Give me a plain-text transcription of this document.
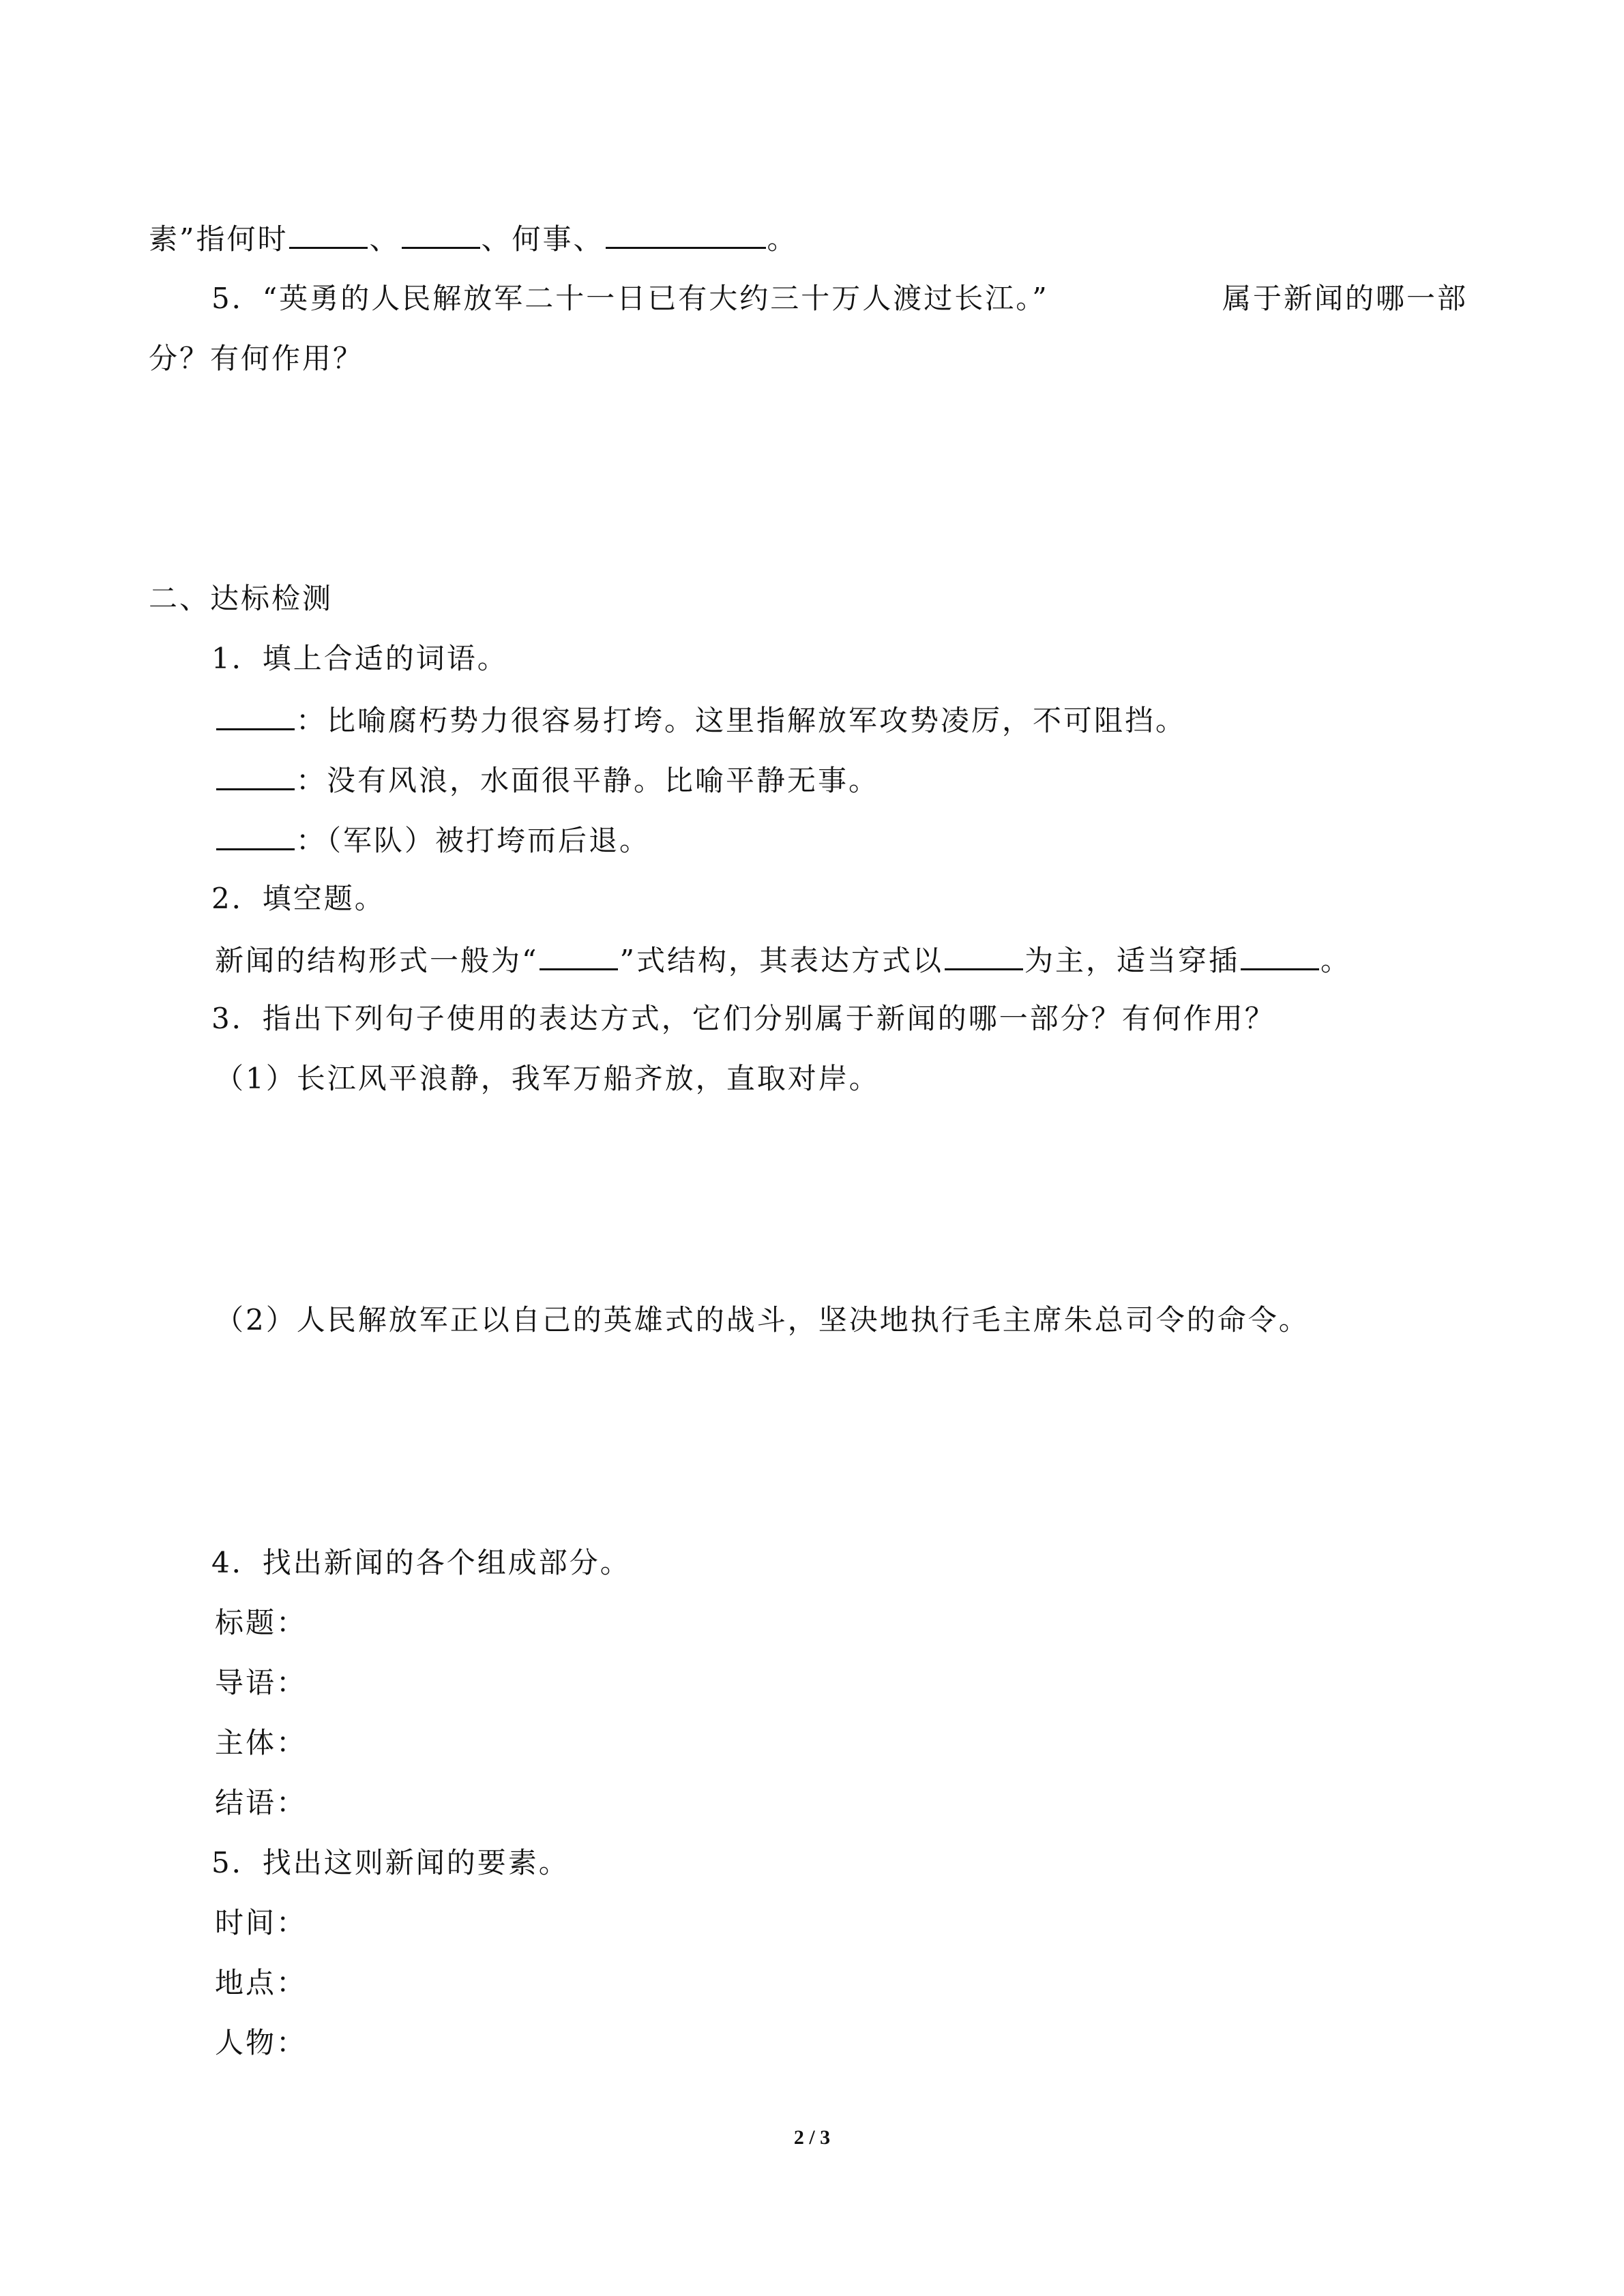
素”指何时	、	、何事、	。
5．“英勇的人民解放军二十一日已有大约三十万人渡过长江。”	属于新闻的哪一部
分？有何作用？
二、达标检测
1．填上合适的词语。
：比喻腐朽势力很容易打垮。这里指解放军攻势凌厉，不可阻挡。
：没有风浪，水面很平静。比喻平静无事。
：（军队）被打垮而后退。
2．填空题。
新闻的结构形式一般为“	”式结构，其表达方式以	为主，适当穿插	。
3．指出下列句子使用的表达方式，它们分别属于新闻的哪一部分？有何作用？
（1）长江风平浪静，我军万船齐放，直取对岸。
（2）人民解放军正以自己的英雄式的战斗，坚决地执行毛主席朱总司令的命令。
4．找出新闻的各个组成部分。
标题：
导语：
主体：
结语：
5．找出这则新闻的要素。
时间：
地点：
人物：
2 / 3
